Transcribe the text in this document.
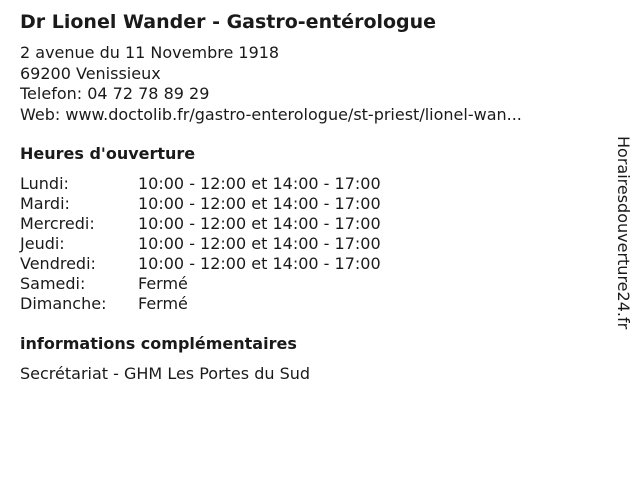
Dr Lionel Wander - Gastro-entérologue
2 avenue du 11 Novembre 1918
69200 Venissieux
Telefon: 04 72 78 89 29
Web: www.doctolib.fr/gastro-enterologue/st-priest/lionel-wan...
Heures d'ouverture
Lundi:	10:00 - 12:00 et 14:00 - 17:00
Mardi:	10:00 - 12:00 et 14:00 - 17:00
Mercredi:	10:00 - 12:00 et 14:00 - 17:00
Jeudi:	10:00 - 12:00 et 14:00 - 17:00
Vendredi:	10:00 - 12:00 et 14:00 - 17:00
Samedi:	Fermé
Dimanche:	Fermé
informations complémentaires
Secrétariat - GHM Les Portes du Sud
Horairesdouverture24.fr
